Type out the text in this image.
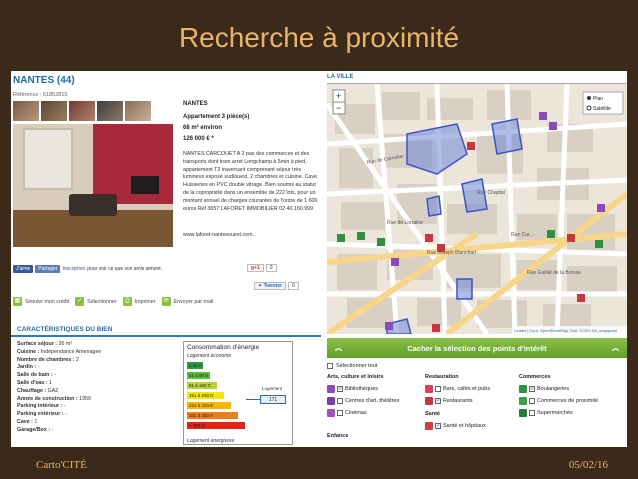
Recherche à proximité
NANTES (44)
Référence : 51852815
NANTES
Appartement 3 pièce(s)
68 m² environ
126 000 € *
NANTES CARCOUET A 2 pas des commerces et des transports dont tram arret Longchamp à 5min à pied, appartement T3 traversant comprenant séjour très lumineux exposé sud/ouest, 2 chambres et cuisine. Cave. Huisseries en PVC double vitrage. Bien soumis au statut de la copropriété dans un ensemble de 222 lots, pour un montant annuel de charges courantes de l'ordre de 1 600 euros Réf 3657 LAFORET IMMOBILIER 02.40.160.999
www.laforet-nantesouest.com.
J'aime	Partager	Inscription pour voir ce que vos amis aiment.	g+1	0
✦ Tweeter	0
▦ Simuler mon crédit	✓ Sélectionner	⎙ Imprimer	✉ Envoyer par mail
CARACTÉRISTIQUES DU BIEN
Surface séjour : 26 m²
Cuisine : Independance Amenagee
Nombre de chambres : 2
Jardin : -
Salle de bain : -
Salle d'eau : 1
Chauffage : GAZ
Année de construction : 1959
Parking intérieur : -
Parking extérieur : -
Cave : 1
Garage/Box : -
Consommation d'énergie
Logement économe
≤ 50 A
51 à 90 B
91 à 150 C
151 à 230 D
231 à 330 E
331 à 450 F
> 450 G
Logement
171
Logement énergivore
LA VILLE
Rue de Cornulier
Rue Chaptal
Rue de Lorraine
Rue Joseph Blanchart
Rue Guillet de la Brosse
Rue Cur...
+
−
Plan
Satellite
Leaflet | Cont. OpenStreetMap, Esri, CCBY-SA, mapquest
︽	Cacher la sélection des points d'intérêt	︽
Sélectionner tout
Arts, culture et loisirs
✓ Bibliothèques
Centres d'art, théâtres
Cinémas
Restauration
Bars, cafés et pubs
✓ Restaurants
Santé
✓ Santé et hôpitaux
Commerces
✓ Boulangeries
Commerces de proximité
Supermarchés
Enfance
Carto'CITÉ	05/02/16
